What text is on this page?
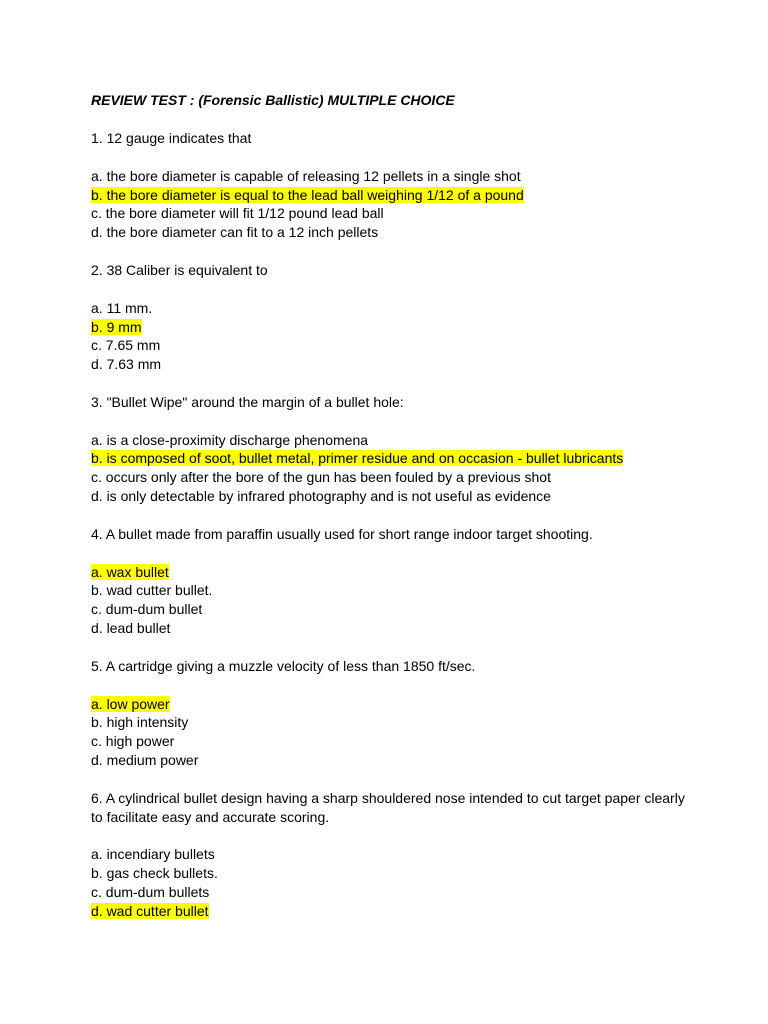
REVIEW TEST : (Forensic Ballistic) MULTIPLE CHOICE
1. 12 gauge indicates that
a. the bore diameter is capable of releasing 12 pellets in a single shot
b. the bore diameter is equal to the lead ball weighing 1/12 of a pound
c. the bore diameter will fit 1/12 pound lead ball
d. the bore diameter can fit to a 12 inch pellets
2. 38 Caliber is equivalent to
a. 11 mm.
b. 9 mm
c. 7.65 mm
d. 7.63 mm
3. "Bullet Wipe" around the margin of a bullet hole:
a. is a close-proximity discharge phenomena
b. is composed of soot, bullet metal, primer residue and on occasion - bullet lubricants
c. occurs only after the bore of the gun has been fouled by a previous shot
d. is only detectable by infrared photography and is not useful as evidence
4. A bullet made from paraffin usually used for short range indoor target shooting.
a. wax bullet
b. wad cutter bullet.
c. dum-dum bullet
d. lead bullet
5. A cartridge giving a muzzle velocity of less than 1850 ft/sec.
a. low power
b. high intensity
c. high power
d. medium power
6. A cylindrical bullet design having a sharp shouldered nose intended to cut target paper clearly
to facilitate easy and accurate scoring.
a. incendiary bullets
b. gas check bullets.
c. dum-dum bullets
d. wad cutter bullet
